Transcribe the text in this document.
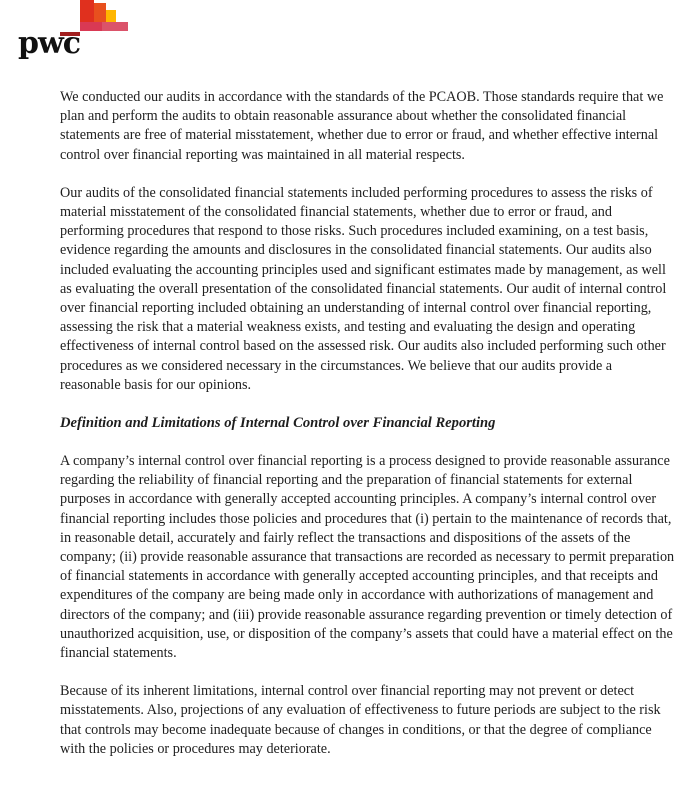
pwc

We conducted our audits in accordance with the standards of the PCAOB. Those standards require that we plan and perform the audits to obtain reasonable assurance about whether the consolidated financial statements are free of material misstatement, whether due to error or fraud, and whether effective internal control over financial reporting was maintained in all material respects.

Our audits of the consolidated financial statements included performing procedures to assess the risks of material misstatement of the consolidated financial statements, whether due to error or fraud, and performing procedures that respond to those risks. Such procedures included examining, on a test basis, evidence regarding the amounts and disclosures in the consolidated financial statements. Our audits also included evaluating the accounting principles used and significant estimates made by management, as well as evaluating the overall presentation of the consolidated financial statements. Our audit of internal control over financial reporting included obtaining an understanding of internal control over financial reporting, assessing the risk that a material weakness exists, and testing and evaluating the design and operating effectiveness of internal control based on the assessed risk. Our audits also included performing such other procedures as we considered necessary in the circumstances. We believe that our audits provide a reasonable basis for our opinions.

Definition and Limitations of Internal Control over Financial Reporting

A company’s internal control over financial reporting is a process designed to provide reasonable assurance regarding the reliability of financial reporting and the preparation of financial statements for external purposes in accordance with generally accepted accounting principles. A company’s internal control over financial reporting includes those policies and procedures that (i) pertain to the maintenance of records that, in reasonable detail, accurately and fairly reflect the transactions and dispositions of the assets of the company; (ii) provide reasonable assurance that transactions are recorded as necessary to permit preparation of financial statements in accordance with generally accepted accounting principles, and that receipts and expenditures of the company are being made only in accordance with authorizations of management and directors of the company; and (iii) provide reasonable assurance regarding prevention or timely detection of unauthorized acquisition, use, or disposition of the company’s assets that could have a material effect on the financial statements.

Because of its inherent limitations, internal control over financial reporting may not prevent or detect misstatements. Also, projections of any evaluation of effectiveness to future periods are subject to the risk that controls may become inadequate because of changes in conditions, or that the degree of compliance with the policies or procedures may deteriorate.
